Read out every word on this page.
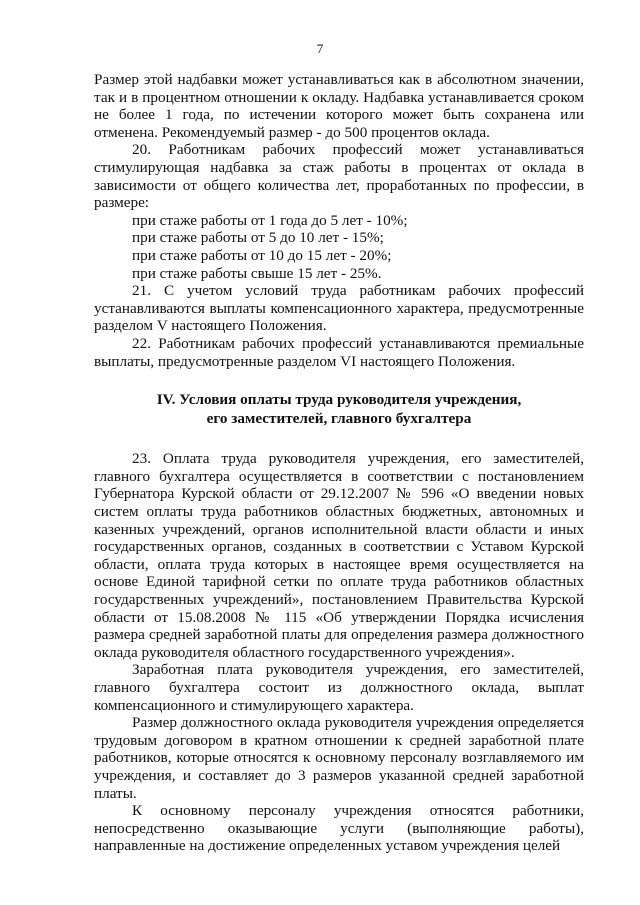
7

Размер этой надбавки может устанавливаться как в абсолютном значении, так и в процентном отношении к окладу. Надбавка устанавливается сроком не более 1 года, по истечении которого может быть сохранена или отменена. Рекомендуемый размер - до 500 процентов оклада.

20. Работникам рабочих профессий может устанавливаться стимулирующая надбавка за стаж работы в процентах от оклада в зависимости от общего количества лет, проработанных по профессии, в размере:

при стаже работы от 1 года до 5 лет - 10%;

при стаже работы от 5 до 10 лет - 15%;

при стаже работы от 10 до 15 лет - 20%;

при стаже работы свыше 15 лет - 25%.

21. С учетом условий труда работникам рабочих профессий устанавливаются выплаты компенсационного характера, предусмотренные разделом V настоящего Положения.

22. Работникам рабочих профессий устанавливаются премиальные выплаты, предусмотренные разделом VI настоящего Положения.

IV. Условия оплаты труда руководителя учреждения,
его заместителей, главного бухгалтера

23. Оплата труда руководителя учреждения, его заместителей, главного бухгалтера осуществляется в соответствии с постановлением Губернатора Курской области от 29.12.2007 № 596 «О введении новых систем оплаты труда работников областных бюджетных, автономных и казенных учреждений, органов исполнительной власти области и иных государственных органов, созданных в соответствии с Уставом Курской области, оплата труда которых в настоящее время осуществляется на основе Единой тарифной сетки по оплате труда работников областных государственных учреждений», постановлением Правительства Курской области от 15.08.2008 № 115 «Об утверждении Порядка исчисления размера средней заработной платы для определения размера должностного оклада руководителя областного государственного учреждения».

Заработная плата руководителя учреждения, его заместителей, главного бухгалтера состоит из должностного оклада, выплат компенсационного и стимулирующего характера.

Размер должностного оклада руководителя учреждения определяется трудовым договором в кратном отношении к средней заработной плате работников, которые относятся к основному персоналу возглавляемого им учреждения, и составляет до 3 размеров указанной средней заработной платы.

К основному персоналу учреждения относятся работники, непосредственно оказывающие услуги (выполняющие работы), направленные на достижение определенных уставом учреждения целей
